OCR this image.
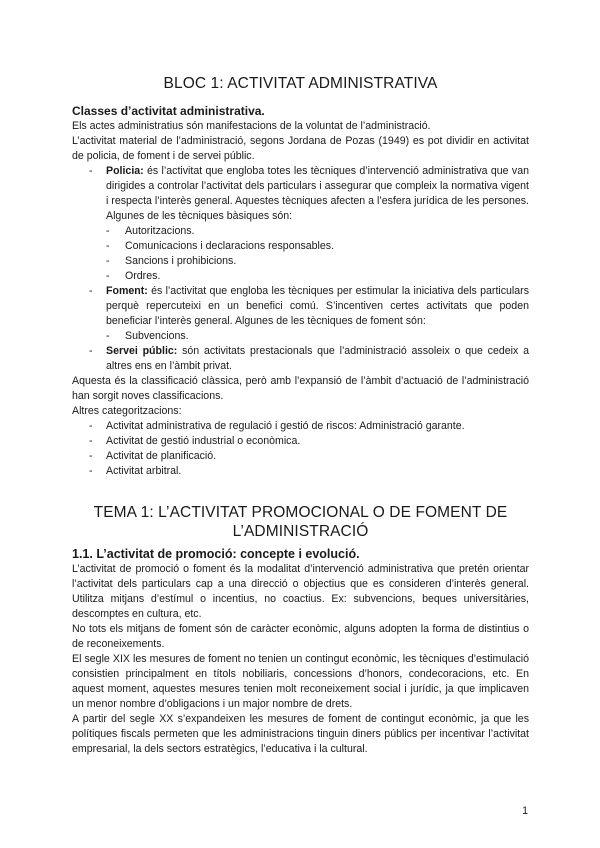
BLOC 1: ACTIVITAT ADMINISTRATIVA
Classes d’activitat administrativa.

Els actes administratius són manifestacions de la voluntat de l’administració.

L’activitat material de l’administració, segons Jordana de Pozas (1949) es pot dividir en activitat de policia, de foment i de servei públic.

- Policia: és l’activitat que engloba totes les tècniques d’intervenció administrativa que van dirigides a controlar l’activitat dels particulars i assegurar que compleix la normativa vigent i respecta l’interès general. Aquestes tècniques afecten a l’esfera jurídica de les persones. Algunes de les tècniques bàsiques són:
- Autoritzacions.
- Comunicacions i declaracions responsables.
- Sancions i prohibicions.
- Ordres.
- Foment: és l’activitat que engloba les tècniques per estimular la iniciativa dels particulars perquè repercuteixi en un benefici comú. S’incentiven certes activitats que poden beneficiar l’interès general. Algunes de les tècniques de foment són:
- Subvencions.
- Servei públic: són activitats prestacionals que l’administració assoleix o que cedeix a altres ens en l’àmbit privat.

Aquesta és la classificació clàssica, però amb l’expansió de l’àmbit d’actuació de l’administració han sorgit noves classificacions.

Altres categoritzacions:

- Activitat administrativa de regulació i gestió de riscos: Administració garante.
- Activitat de gestió industrial o econòmica.
- Activitat de planificació.
- Activitat arbitral.
TEMA 1: L’ACTIVITAT PROMOCIONAL O DE FOMENT DE
L’ADMINISTRACIÓ
1.1. L’activitat de promoció: concepte i evolució.

L’activitat de promoció o foment és la modalitat d’intervenció administrativa que pretén orientar l’activitat dels particulars cap a una direcció o objectius que es consideren d’interès general. Utilitza mitjans d’estímul o incentius, no coactius. Ex: subvencions, beques universitàries, descomptes en cultura, etc.

No tots els mitjans de foment són de caràcter econòmic, alguns adopten la forma de distintius o de reconeixements.

El segle XIX les mesures de foment no tenien un contingut econòmic, les tècniques d’estimulació consistien principalment en títols nobiliaris, concessions d’honors, condecoracions, etc. En aquest moment, aquestes mesures tenien molt reconeixement social i jurídic, ja que implicaven un menor nombre d’obligacions i un major nombre de drets.

A partir del segle XX s’expandeixen les mesures de foment de contingut econòmic, ja que les polítiques fiscals permeten que les administracions tinguin diners públics per incentivar l’activitat empresarial, la dels sectors estratègics, l’educativa i la cultural.

1
